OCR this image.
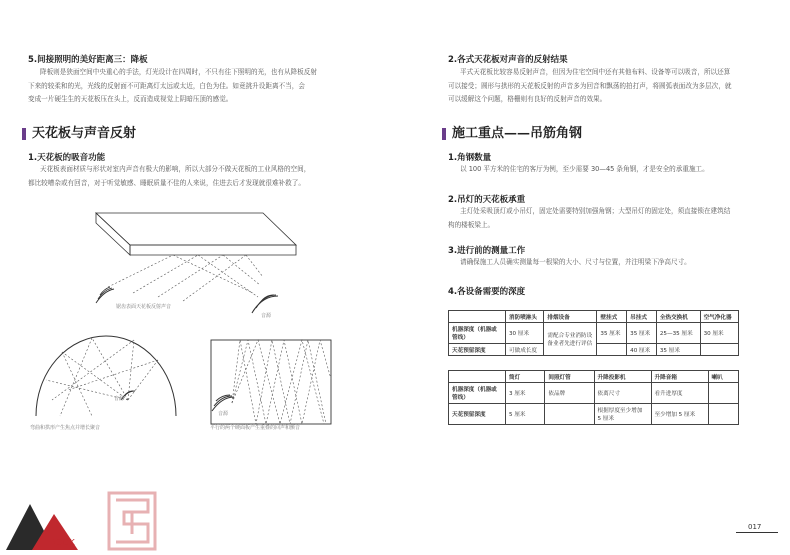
5.间接照明的美好距离三：降板
降板则是狭面空间中央重心的手法，灯光设计在四周时，不只有往下照明的光，也有从降板反射
下来的较柔和的光，光线的反射面不可距离灯太远或太近，白色为佳。如竟挑升设距离不当，会
变成一片硬生生的天花板压在头上，反而造成视觉上阴暗压顶的感觉。
天花板与声音反射
1.天花板的吸音功能
天花板表面材质与形状对室内声音有极大的影响，所以大部分不做天花板的工业风格的空间，
都比较嘈杂或有回音，对于听觉敏感、睡眠质量不佳的人来说，住进去后才发现就很难补救了。
锯齿表面天花板反射声音
音源
音源
弯曲和拱形产生焦点并增长聚音
音源
平行的两个硬面板产生重叠的回声和颤音
BOOK
2.各式天花板对声音的反射结果
平式天花板比较容易反射声音，但因为住宅空间中还有其他布料、设备等可以吸音，所以还算
可以接受；圆形与拱形的天花板反射的声音多为回音和飘荡的拍打声，将圆弧表面改为多层次，就
可以缓解这个问题，格栅则有良好的反射声音的效果。
施工重点——吊筋角钢
1.角钢数量
以 100 平方米的住宅的客厅为例，至少需要 30—45 条角钢，才是安全的承重施工。
2.吊灯的天花板承重
主灯处采吸顶灯或小吊灯，固定处需要特别加强角钢；大型吊灯的固定处，须直接锁在建筑结
构的楼板梁上。
3.进行前的测量工作
请确保施工人员确实测量每一根梁的大小、尺寸与位置，并注明梁下净高尺寸。
4.各设备需要的深度
	消防喷淋头	排烟设备	壁挂式	吊挂式	全热交换机	空气净化器
机器深度（机器或管线）	30 厘米	需配合专业消防设备业者先进行评估	35 厘米	35 厘米	25—35 厘米	30 厘米
天花预留深度	可做成长度			40 厘米	35 厘米	
	筒灯	间照灯管	升降投影机	升降音箱	喇叭
机器深度（机器或管线）	3 厘米	依品牌	依离尺寸	看升进厚度	
天花预留深度	5 厘米		根据厚度至少增加 5 厘米	至少增加 5 厘米	
017
